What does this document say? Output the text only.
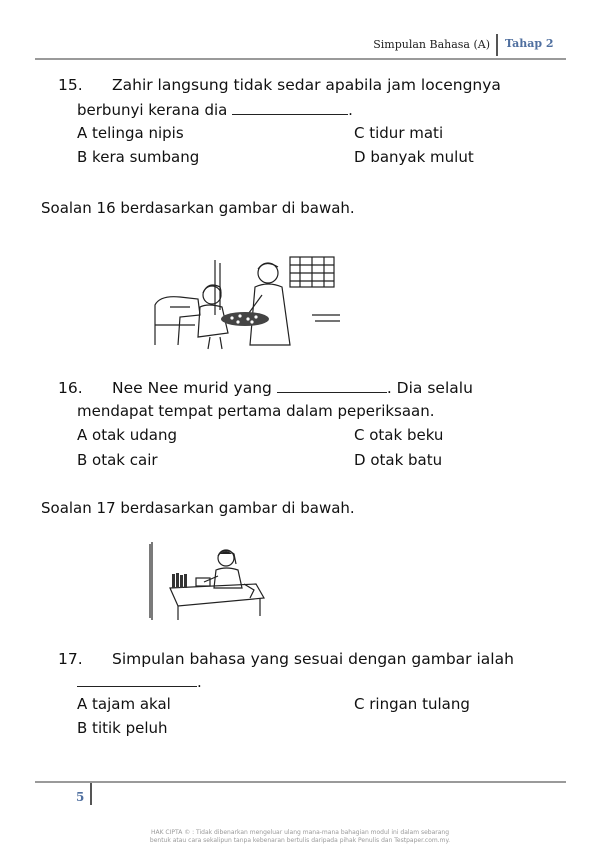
Simpulan Bahasa (A) Tahap 2
15. Zahir langsung tidak sedar apabila jam locengnya
berbunyi kerana dia	.
A telinga nipis
B kera sumbang
C tidur mati
D banyak mulut
Soalan 16 berdasarkan gambar di bawah.
16. Nee Nee murid yang	. Dia selalu
mendapat tempat pertama dalam peperiksaan.
A otak udang
B otak cair
C otak beku
D otak batu
Soalan 17 berdasarkan gambar di bawah.
17. Simpulan bahasa yang sesuai dengan gambar ialah
.
A tajam akal
B titik peluh
C ringan tulang
5
HAK CIPTA © : Tidak dibenarkan mengeluar ulang mana-mana bahagian modul ini dalam sebarang
bentuk atau cara sekalipun tanpa kebenaran bertulis daripada pihak Penulis dan Testpaper.com.my.
